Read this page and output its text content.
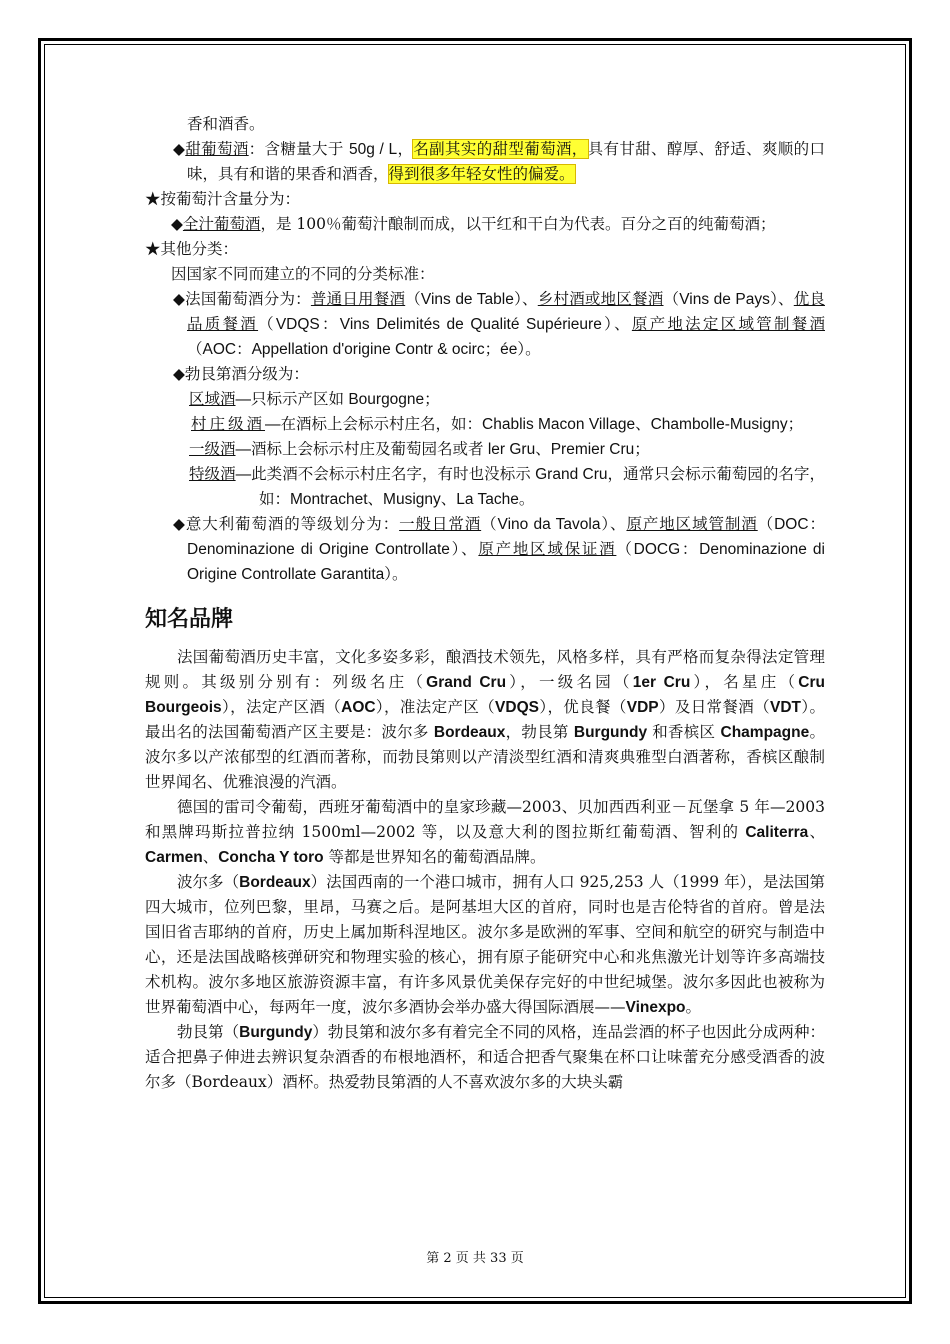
香和酒香。

◆甜葡萄酒：含糖量大于 50g / L，名副其实的甜型葡萄酒，具有甘甜、醇厚、舒适、爽顺的口味，具有和谐的果香和酒香，得到很多年轻女性的偏爱。

★按葡萄汁含量分为：

◆全汁葡萄酒，是 100％葡萄汁酿制而成，以干红和干白为代表。百分之百的纯葡萄酒；

★其他分类：

因国家不同而建立的不同的分类标准：

◆法国葡萄酒分为：普通日用餐酒（Vins de Table）、乡村酒或地区餐酒（Vins de Pays）、优良品质餐酒（VDQS：Vins Delimités de Qualité Supérieure）、原产地法定区域管制餐酒（AOC：Appellation d'origine Contr & ocirc；ée）。

◆勃艮第酒分级为：

区域酒—只标示产区如 Bourgogne；

村庄级酒—在酒标上会标示村庄名，如：Chablis Macon Village、Chambolle-Musigny；

一级酒—酒标上会标示村庄及葡萄园名或者 ler Gru、Premier Cru；

特级酒—此类酒不会标示村庄名字，有时也没标示 Grand Cru，通常只会标示葡萄园的名字，如：Montrachet、Musigny、La Tache。

◆意大利葡萄酒的等级划分为：一般日常酒（Vino da Tavola）、原产地区域管制酒（DOC：Denominazione di Origine Controllate）、原产地区域保证酒（DOCG：Denominazione di Origine Controllate Garantita）。

知名品牌

法国葡萄酒历史丰富，文化多姿多彩，酿酒技术领先，风格多样，具有严格而复杂得法定管理规则。其级别分别有：列级名庄（Grand Cru），一级名园（1er Cru），名星庄（Cru Bourgeois），法定产区酒（AOC），准法定产区（VDQS），优良餐（VDP）及日常餐酒（VDT）。最出名的法国葡萄酒产区主要是：波尔多 Bordeaux，勃艮第 Burgundy 和香槟区 Champagne。波尔多以产浓郁型的红酒而著称，而勃艮第则以产清淡型红酒和清爽典雅型白酒著称，香槟区酿制世界闻名、优雅浪漫的汽酒。

德国的雷司令葡萄，西班牙葡萄酒中的皇家珍藏—2003、贝加西西利亚－瓦堡拿 5 年—2003 和黑牌玛斯拉普拉纳 1500ml—2002 等，以及意大利的图拉斯红葡萄酒、智利的 Caliterra、Carmen、Concha Y toro 等都是世界知名的葡萄酒品牌。

波尔多（Bordeaux）法国西南的一个港口城市，拥有人口 925,253 人（1999 年），是法国第四大城市，位列巴黎，里昂，马赛之后。是阿基坦大区的首府，同时也是吉伦特省的首府。曾是法国旧省吉耶纳的首府，历史上属加斯科涅地区。波尔多是欧洲的军事、空间和航空的研究与制造中心，还是法国战略核弹研究和物理实验的核心，拥有原子能研究中心和兆焦激光计划等许多高端技术机构。波尔多地区旅游资源丰富，有许多风景优美保存完好的中世纪城堡。波尔多因此也被称为世界葡萄酒中心，每两年一度，波尔多酒协会举办盛大得国际酒展——Vinexpo。

勃艮第（Burgundy）勃艮第和波尔多有着完全不同的风格，连品尝酒的杯子也因此分成两种：适合把鼻子伸进去辨识复杂酒香的布根地酒杯，和适合把香气聚集在杯口让味蕾充分感受酒香的波尔多（Bordeaux）酒杯。热爱勃艮第酒的人不喜欢波尔多的大块头霸

第 2 页 共 33 页
